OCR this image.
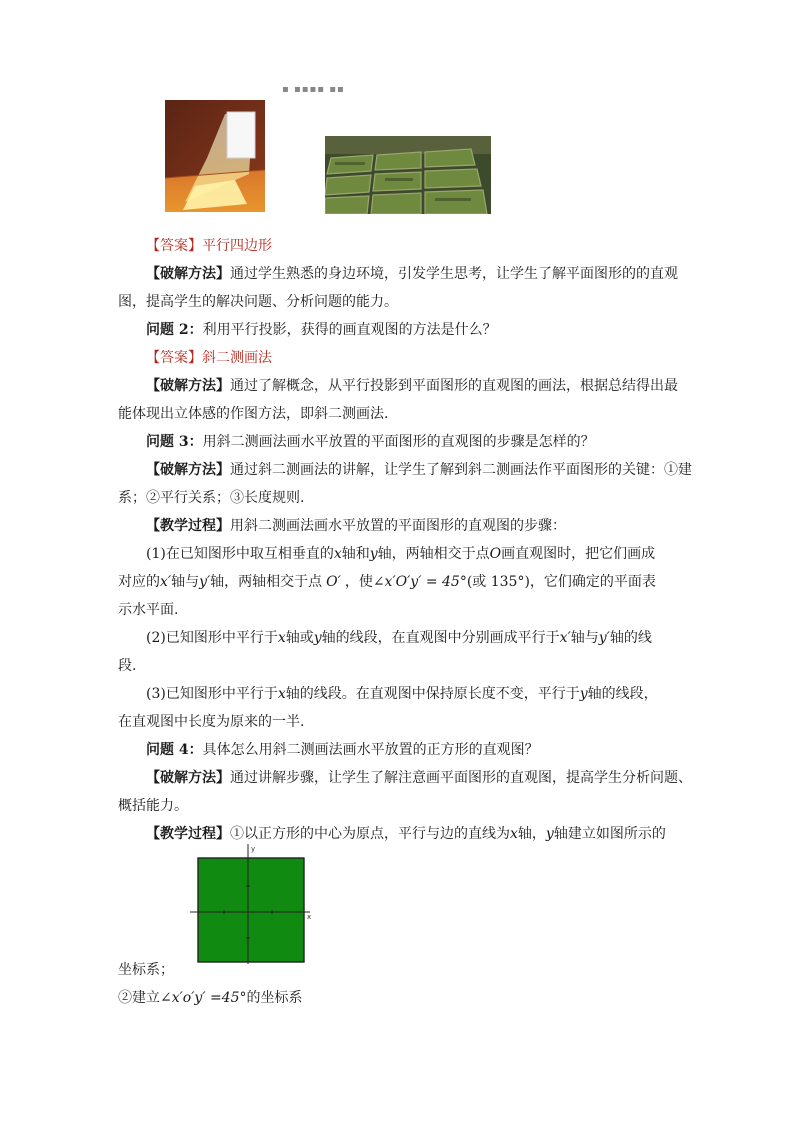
▪ ▪▪▪▪ ▪▪
【答案】平行四边形
【破解方法】通过学生熟悉的身边环境，引发学生思考，让学生了解平面图形的的直观
图，提高学生的解决问题、分析问题的能力。
问题 2：利用平行投影，获得的画直观图的方法是什么？
【答案】斜二测画法
【破解方法】通过了解概念，从平行投影到平面图形的直观图的画法，根据总结得出最
能体现出立体感的作图方法，即斜二测画法.
问题 3：用斜二测画法画水平放置的平面图形的直观图的步骤是怎样的？
【破解方法】通过斜二测画法的讲解，让学生了解到斜二测画法作平面图形的关键：①建
系；②平行关系；③长度规则.
【教学过程】用斜二测画法画水平放置的平面图形的直观图的步骤：
(1)在已知图形中取互相垂直的x轴和y轴，两轴相交于点O画直观图时，把它们画成
对应的x′轴与y′轴，两轴相交于点 O′ ，使∠x′O′y′ = 45°(或 135°)，它们确定的平面表
示水平面.
(2)已知图形中平行于x轴或y轴的线段，在直观图中分别画成平行于x′轴与y′轴的线
段.
(3)已知图形中平行于x轴的线段。在直观图中保持原长度不变，平行于y轴的线段，
在直观图中长度为原来的一半.
问题 4：具体怎么用斜二测画法画水平放置的正方形的直观图？
【破解方法】通过讲解步骤，让学生了解注意画平面图形的直观图，提高学生分析问题、
概括能力。
【教学过程】①以正方形的中心为原点，平行与边的直线为x轴，y轴建立如图所示的
y
x
坐标系；
②建立∠x′o′y′ =45°的坐标系
